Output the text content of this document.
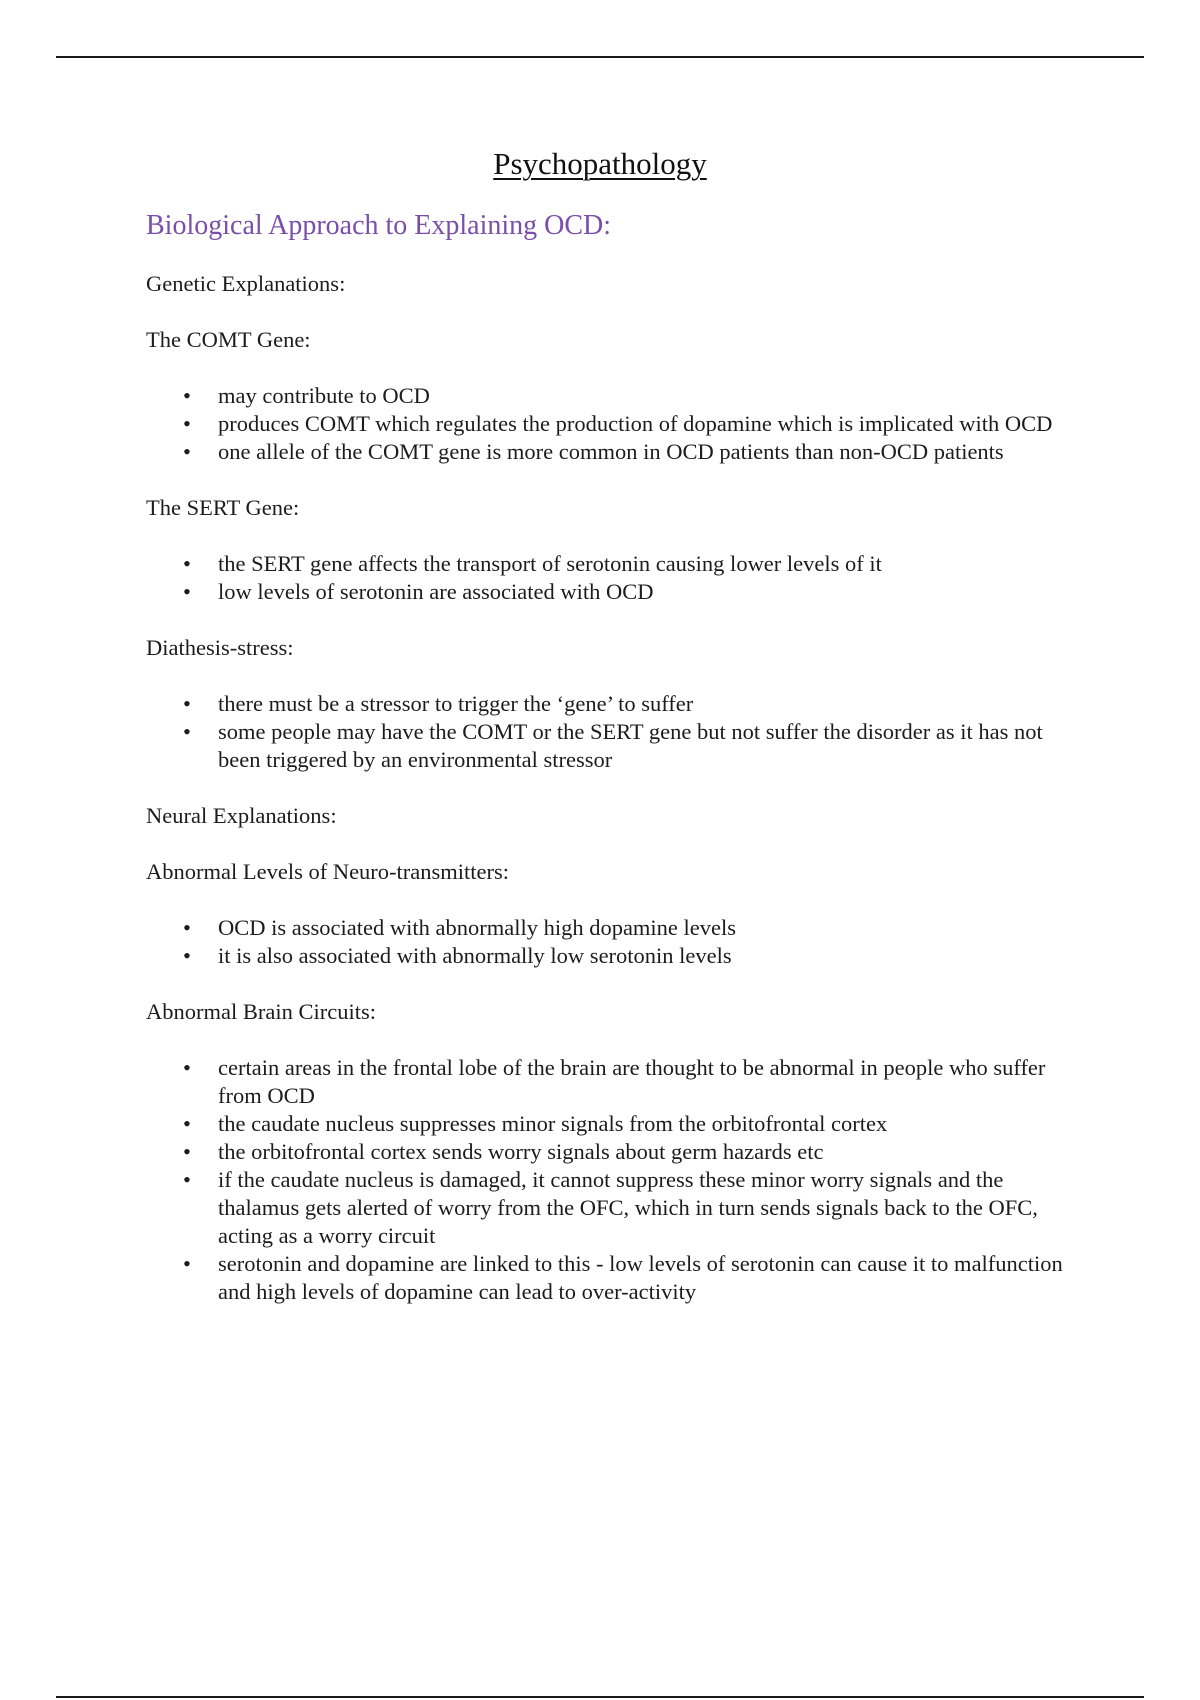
Psychopathology
Biological Approach to Explaining OCD:

Genetic Explanations:

The COMT Gene:

• may contribute to OCD
• produces COMT which regulates the production of dopamine which is implicated with OCD
• one allele of the COMT gene is more common in OCD patients than non-OCD patients

The SERT Gene:

• the SERT gene affects the transport of serotonin causing lower levels of it
• low levels of serotonin are associated with OCD

Diathesis-stress:

• there must be a stressor to trigger the ‘gene’ to suffer
• some people may have the COMT or the SERT gene but not suffer the disorder as it has not been triggered by an environmental stressor

Neural Explanations:

Abnormal Levels of Neuro-transmitters:

• OCD is associated with abnormally high dopamine levels
• it is also associated with abnormally low serotonin levels

Abnormal Brain Circuits:

• certain areas in the frontal lobe of the brain are thought to be abnormal in people who suffer from OCD
• the caudate nucleus suppresses minor signals from the orbitofrontal cortex
• the orbitofrontal cortex sends worry signals about germ hazards etc
• if the caudate nucleus is damaged, it cannot suppress these minor worry signals and the thalamus gets alerted of worry from the OFC, which in turn sends signals back to the OFC, acting as a worry circuit
• serotonin and dopamine are linked to this - low levels of serotonin can cause it to malfunction and high levels of dopamine can lead to over-activity
